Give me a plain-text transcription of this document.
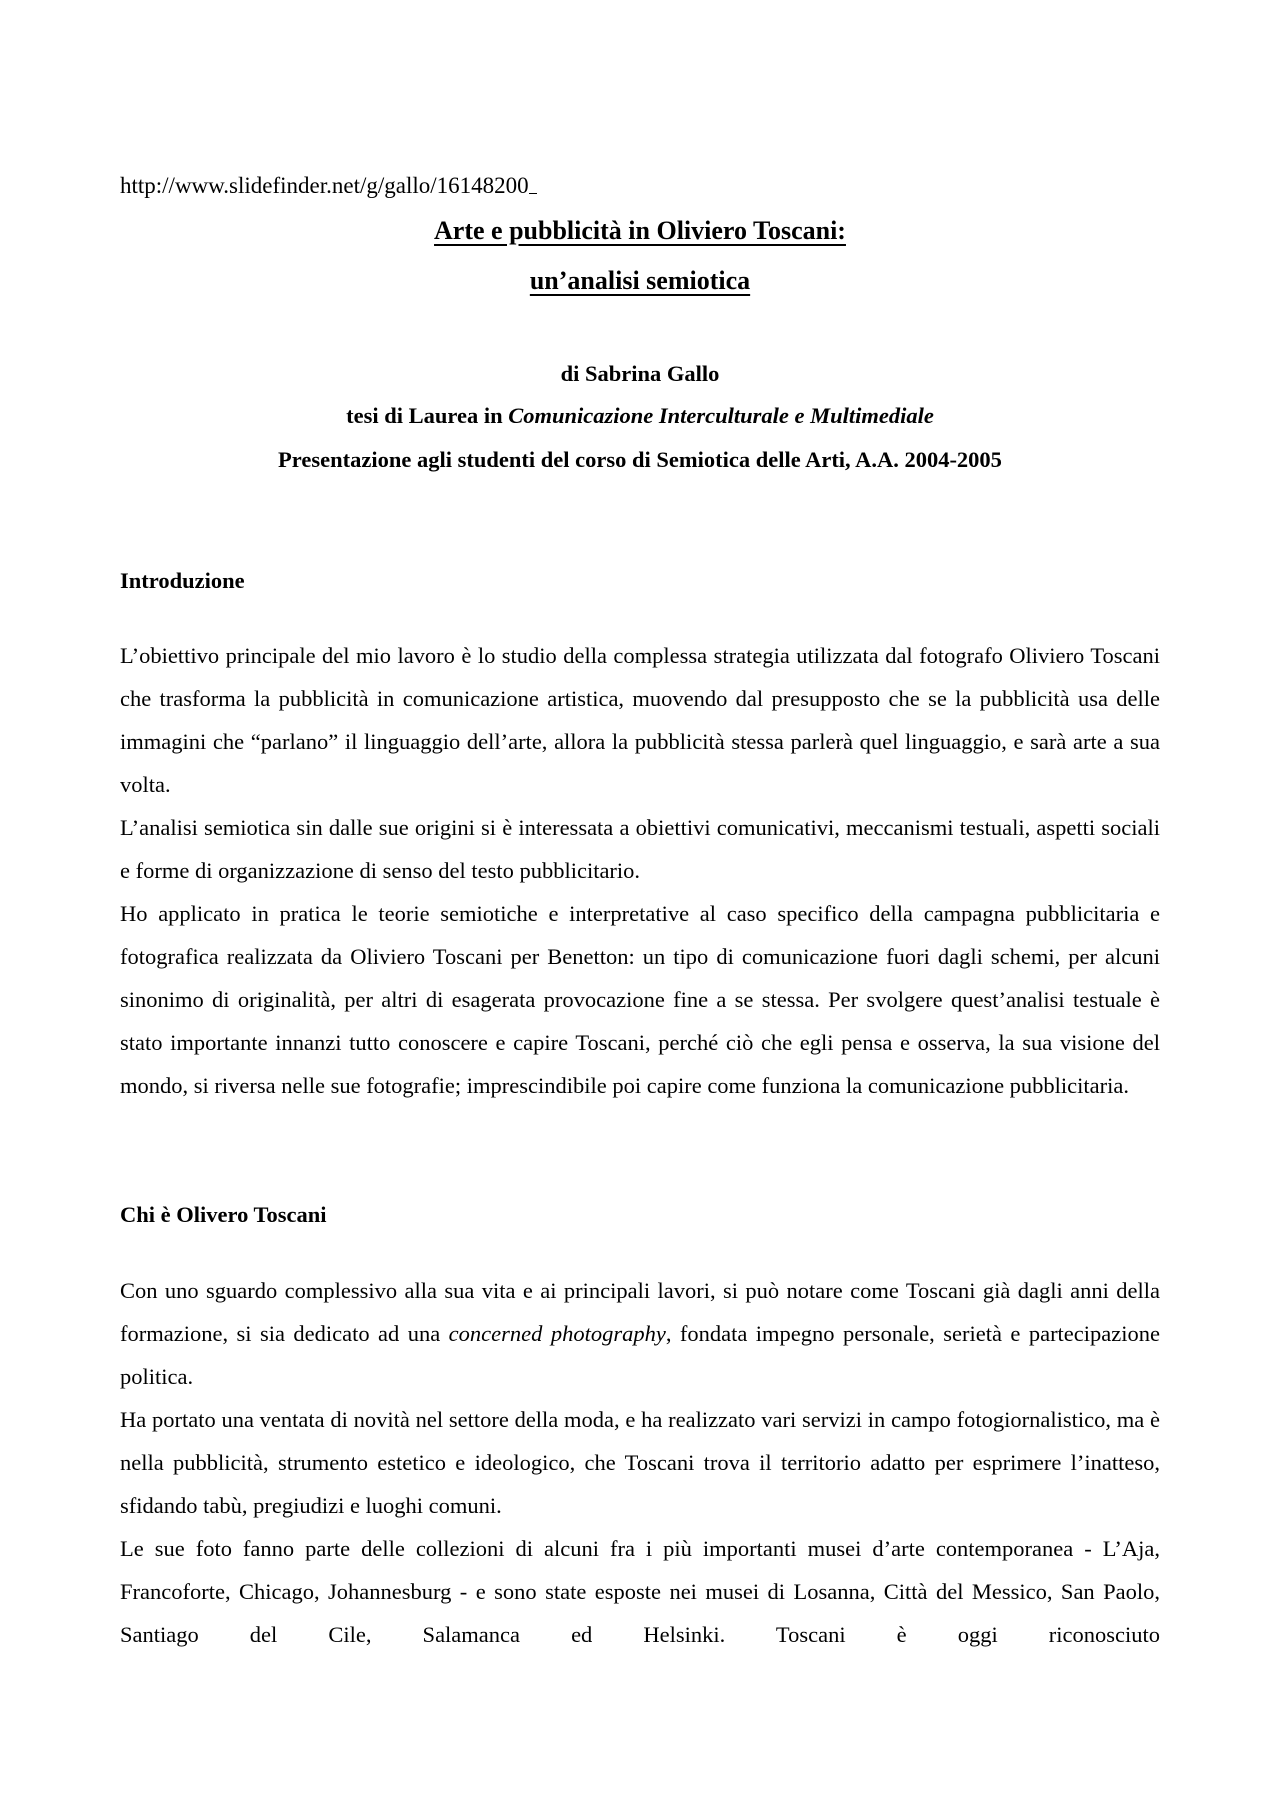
http://www.slidefinder.net/g/gallo/16148200
Arte e pubblicità in Oliviero Toscani:
un’analisi semiotica
di Sabrina Gallo
tesi di Laurea in Comunicazione Interculturale e Multimediale
Presentazione agli studenti del corso di Semiotica delle Arti, A.A. 2004-2005
Introduzione

L’obiettivo principale del mio lavoro è lo studio della complessa strategia utilizzata dal fotografo Oliviero Toscani che trasforma la pubblicità in comunicazione artistica, muovendo dal presupposto che se la pubblicità usa delle immagini che “parlano” il linguaggio dell’arte, allora la pubblicità stessa parlerà quel linguaggio, e sarà arte a sua volta.

L’analisi semiotica sin dalle sue origini si è interessata a obiettivi comunicativi, meccanismi testuali, aspetti sociali e forme di organizzazione di senso del testo pubblicitario.

Ho applicato in pratica le teorie semiotiche e interpretative al caso specifico della campagna pubblicitaria e fotografica realizzata da Oliviero Toscani per Benetton: un tipo di comunicazione fuori dagli schemi, per alcuni sinonimo di originalità, per altri di esagerata provocazione fine a se stessa. Per svolgere quest’analisi testuale è stato importante innanzi tutto conoscere e capire Toscani, perché ciò che egli pensa e osserva, la sua visione del mondo, si riversa nelle sue fotografie; imprescindibile poi capire come funziona la comunicazione pubblicitaria.

Chi è Olivero Toscani

Con uno sguardo complessivo alla sua vita e ai principali lavori, si può notare come Toscani già dagli anni della formazione, si sia dedicato ad una concerned photography, fondata impegno personale, serietà e partecipazione politica.

Ha portato una ventata di novità nel settore della moda, e ha realizzato vari servizi in campo fotogiornalistico, ma è nella pubblicità, strumento estetico e ideologico, che Toscani trova il territorio adatto per esprimere l’inatteso, sfidando tabù, pregiudizi e luoghi comuni.

Le sue foto fanno parte delle collezioni di alcuni fra i più importanti musei d’arte contemporanea - L’Aja, Francoforte, Chicago, Johannesburg - e sono state esposte nei musei di Losanna, Città del Messico, San Paolo, Santiago del Cile, Salamanca ed Helsinki. Toscani è oggi riconosciuto
